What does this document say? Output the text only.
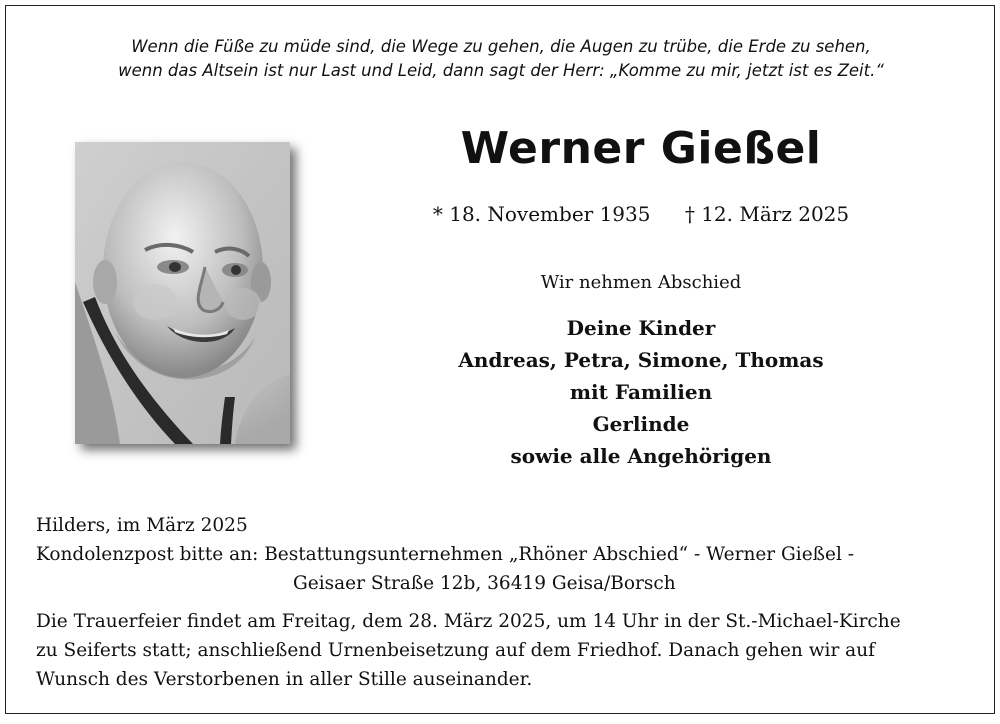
Wenn die Füße zu müde sind, die Wege zu gehen, die Augen zu trübe, die Erde zu sehen,
wenn das Altsein ist nur Last und Leid, dann sagt der Herr: „Komme zu mir, jetzt ist es Zeit.“
Werner Gießel
* 18. November 1935 † 12. März 2025
Wir nehmen Abschied
Deine Kinder
Andreas, Petra, Simone, Thomas
mit Familien
Gerlinde
sowie alle Angehörigen
Hilders, im März 2025
Kondolenzpost bitte an: Bestattungsunternehmen „Rhöner Abschied“ - Werner Gießel -
Geisaer Straße 12b, 36419 Geisa/Borsch
Die Trauerfeier findet am Freitag, dem 28. März 2025, um 14 Uhr in der St.-Michael-Kirche
zu Seiferts statt; anschließend Urnenbeisetzung auf dem Friedhof. Danach gehen wir auf
Wunsch des Verstorbenen in aller Stille auseinander.
